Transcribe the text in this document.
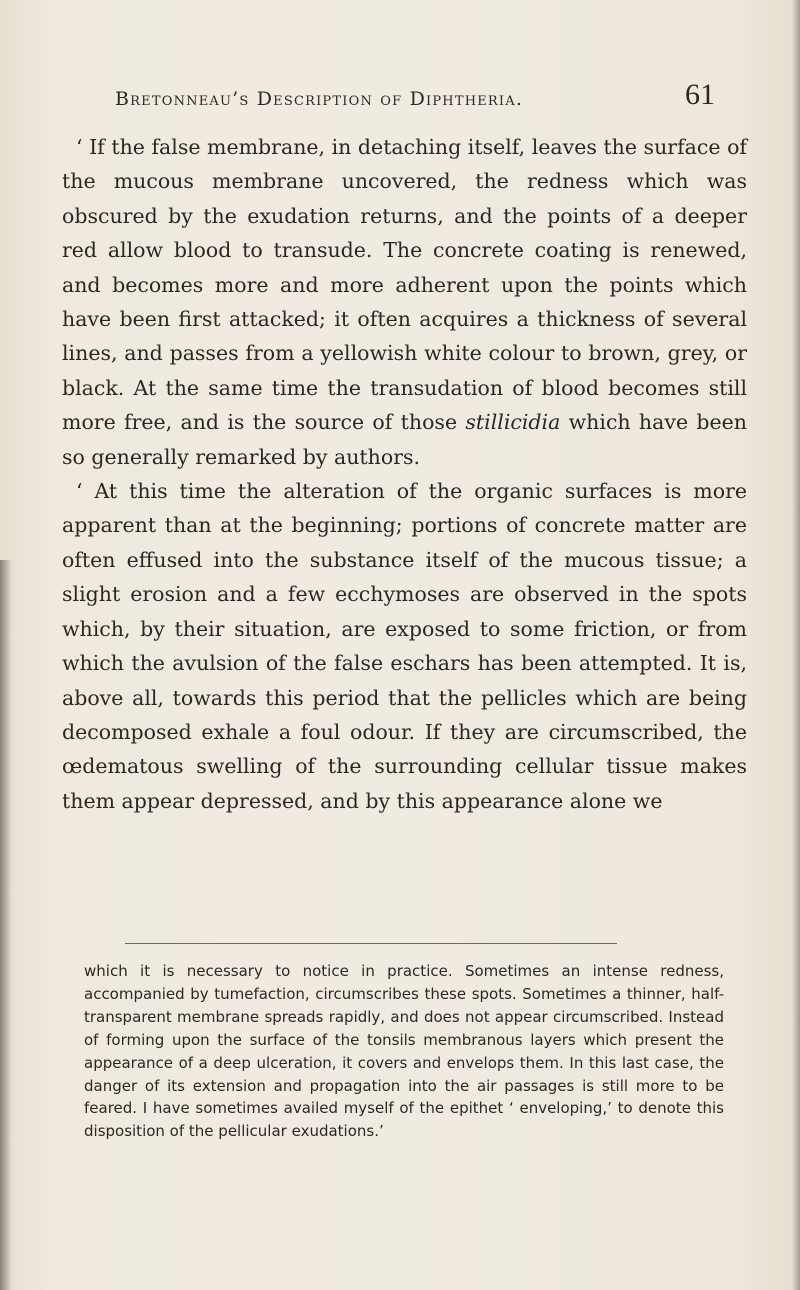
Bretonneau’s Description of Diphtheria.	61

‘ If the false membrane, in detaching itself, leaves the surface of the mucous membrane uncovered, the redness which was obscured by the exudation returns, and the points of a deeper red allow blood to transude. The concrete coating is renewed, and becomes more and more adherent upon the points which have been first attacked; it often acquires a thickness of several lines, and passes from a yellowish white colour to brown, grey, or black. At the same time the transudation of blood becomes still more free, and is the source of those stillicidia which have been so generally remarked by authors.

‘ At this time the alteration of the organic surfaces is more apparent than at the beginning; portions of concrete matter are often effused into the substance itself of the mucous tissue; a slight erosion and a few ecchymoses are observed in the spots which, by their situation, are exposed to some friction, or from which the avulsion of the false eschars has been attempted. It is, above all, towards this period that the pellicles which are being decomposed exhale a foul odour. If they are circumscribed, the œdematous swelling of the surrounding cellular tissue makes them appear depressed, and by this appearance alone we

which it is necessary to notice in practice. Sometimes an intense redness, accompanied by tumefaction, circumscribes these spots. Sometimes a thinner, half-transparent membrane spreads rapidly, and does not appear circumscribed. Instead of forming upon the surface of the tonsils membranous layers which present the appearance of a deep ulceration, it covers and envelops them. In this last case, the danger of its extension and propagation into the air passages is still more to be feared. I have sometimes availed myself of the epithet ‘ enveloping,’ to denote this disposition of the pellicular exudations.’
